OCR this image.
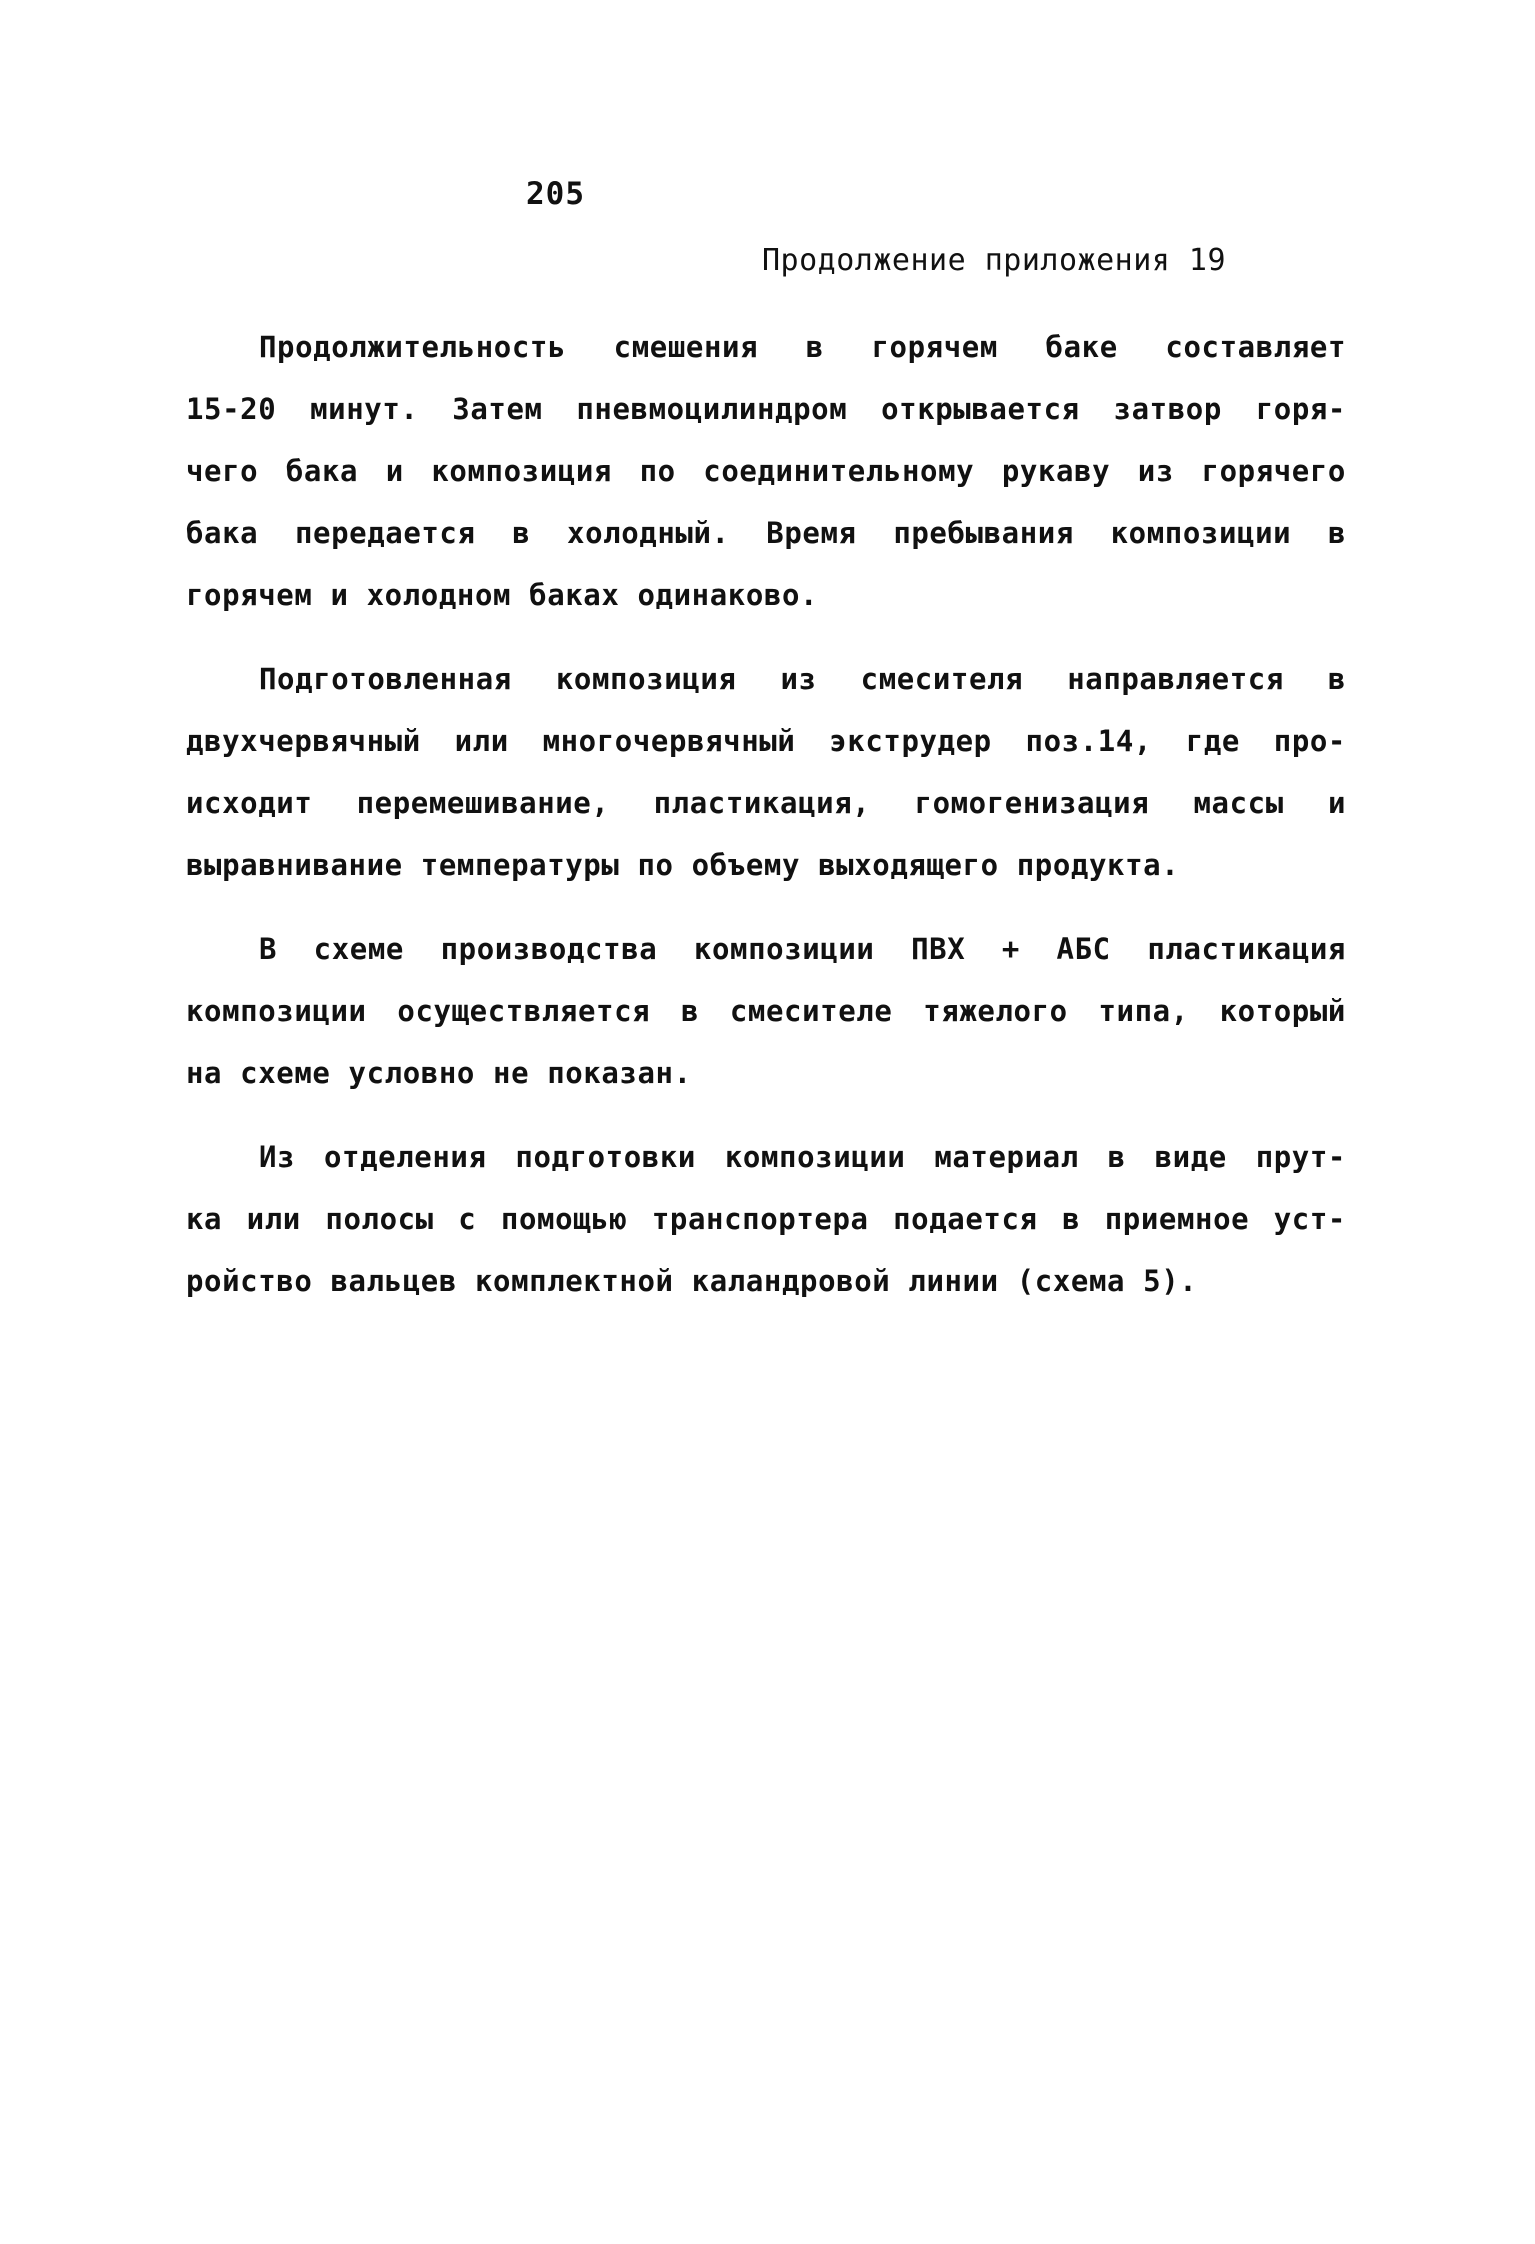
205

Продолжение приложения 19

Продолжительность смешения в горячем баке составляет
15-20 минут. Затем пневмоцилиндром открывается затвор горя-
чего бака и композиция по соединительному рукаву из горячего
бака передается в холодный. Время пребывания композиции в
горячем и холодном баках одинаково.

Подготовленная композиция из смесителя направляется в
двухчервячный или многочервячный экструдер поз.14, где про-
исходит перемешивание, пластикация, гомогенизация массы и
выравнивание температуры по объему выходящего продукта.

В схеме производства композиции ПВХ + АБС пластикация
композиции осуществляется в смесителе тяжелого типа, который
на схеме условно не показан.

Из отделения подготовки композиции материал в виде прут-
ка или полосы с помощью транспортера подается в приемное уст-
ройство вальцев комплектной каландровой линии (схема 5).
